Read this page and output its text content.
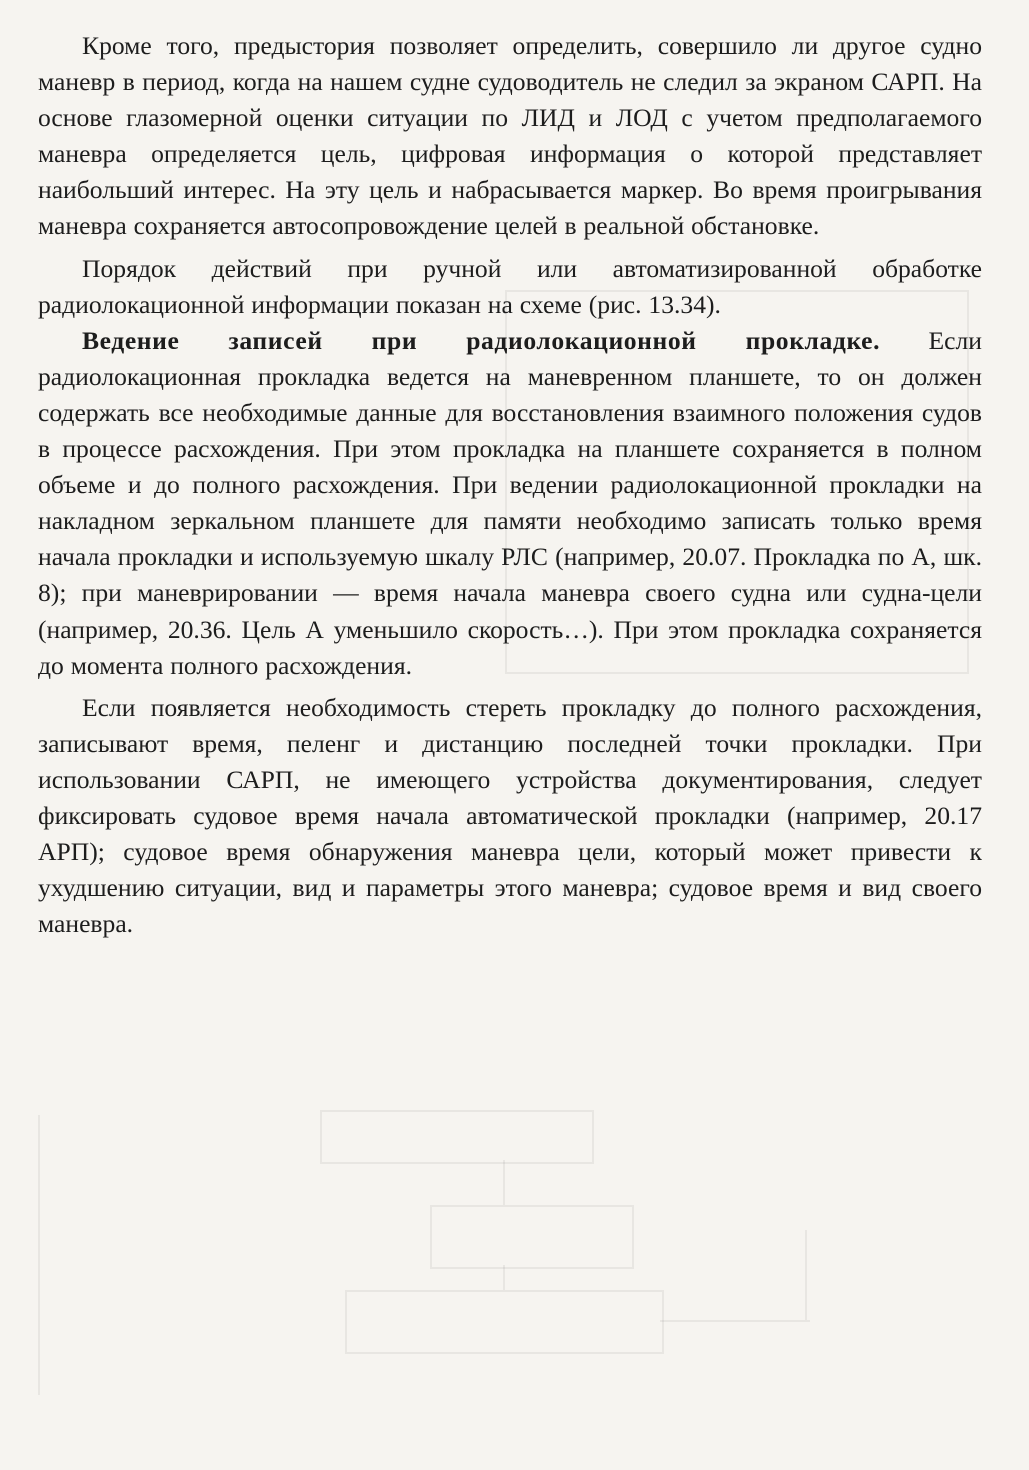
Кроме того, предыстория позволяет определить, совершило ли другое судно маневр в период, когда на нашем судне судоводитель не следил за экраном САРП. На основе глазомерной оценки ситуации по ЛИД и ЛОД с учетом предполагаемого маневра определяется цель, цифровая информация о которой представляет наибольший интерес. На эту цель и набрасывается маркер. Во время проигрывания маневра сохраняется автосопровождение целей в реальной обстановке.

Порядок действий при ручной или автоматизированной обработке радиолокационной информации показан на схеме (рис. 13.34).

Ведение записей при радиолокационной прокладке. Если радиолокационная прокладка ведется на маневренном планшете, то он должен содержать все необходимые данные для восстановления взаимного положения судов в процессе расхождения. При этом прокладка на планшете сохраняется в полном объеме и до полного расхождения. При ведении радиолокационной прокладки на накладном зеркальном планшете для памяти необходимо записать только время начала прокладки и используемую шкалу РЛС (например, 20.07. Прокладка по А, шк. 8); при маневрировании — время начала маневра своего судна или судна-цели (например, 20.36. Цель А уменьшило скорость…). При этом прокладка сохраняется до момента полного расхождения.

Если появляется необходимость стереть прокладку до полного расхождения, записывают время, пеленг и дистанцию последней точки прокладки. При использовании САРП, не имеющего устройства документирования, следует фиксировать судовое время начала автоматической прокладки (например, 20.17 АРП); судовое время обнаружения маневра цели, который может привести к ухудшению ситуации, вид и параметры этого маневра; судовое время и вид своего маневра.
